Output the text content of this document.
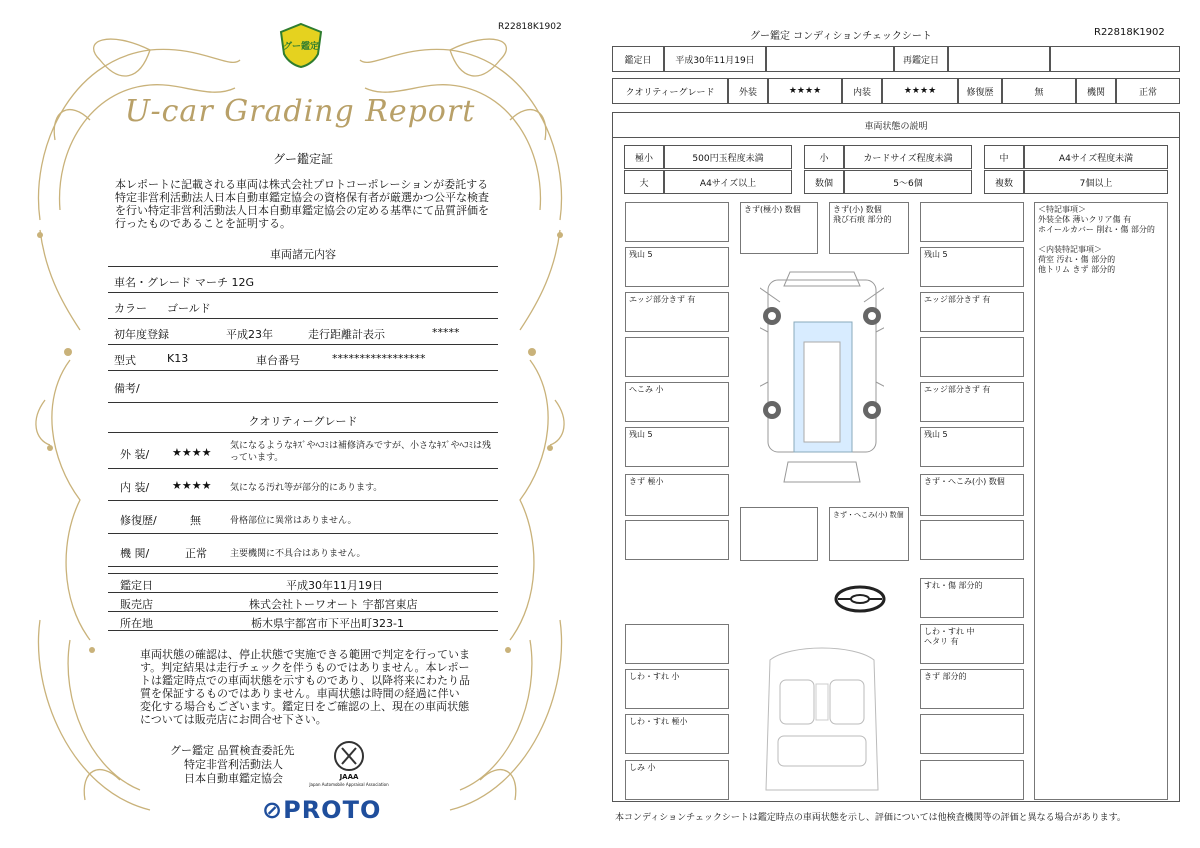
R22818K1902
グー鑑定
U-car Grading Report
グー鑑定証
本レポートに記載される車両は株式会社プロトコーポレーションが委託する特定非営利活動法人日本自動車鑑定協会の資格保有者が厳選かつ公平な検査を行い特定非営利活動法人日本自動車鑑定協会の定める基準にて品質評価を行ったものであることを証明する。
車両諸元内容
車名・グレード マーチ 12G
カラー ゴールド
初年度登録	平成23年	走行距離計表示	*****
型式	K13	車台番号	*****************
備考/
クオリティーグレード
外 装/ ★★★★ 気になるようなｷｽﾞやﾍｺﾐは補修済みですが、小さなｷｽﾞやﾍｺﾐは残っています。
内 装/ ★★★★ 気になる汚れ等が部分的にあります。
修復歴/	無	骨格部位に異常はありません。
機 関/	正常	主要機関に不具合はありません。
鑑定日	平成30年11月19日
販売店	株式会社トーワオート 宇都宮東店
所在地	栃木県宇都宮市下平出町323-1
車両状態の確認は、停止状態で実施できる範囲で判定を行っています。判定結果は走行チェックを伴うものではありません。本レポートは鑑定時点での車両状態を示すものであり、以降将来にわたり品質を保証するものではありません。車両状態は時間の経過に伴い変化する場合もございます。鑑定日をご確認の上、現在の車両状態については販売店にお問合せ下さい。
グー鑑定 品質検査委託先
特定非営利活動法人
日本自動車鑑定協会	JAAA
Japan Automobile Appraisal Association
⊘PROTO
グー鑑定 コンディションチェックシート	R22818K1902
鑑定日	平成30年11月19日	再鑑定日
クオリティーグレード	外装	★★★★	内装	★★★★	修復歴	無	機関	正常
車両状態の説明
極小	500円玉程度未満	小	カードサイズ程度未満	中	A4サイズ程度未満
大	A4サイズ以上	数個	5～6個	複数	7個以上
残山 5
エッジ部分きず 有
へこみ 小
残山 5
きず 極小
しわ・すれ 小
しわ・すれ 極小
しみ 小
きず(極小) 数個	きず(小) 数個
飛び石痕 部分的
きず・へこみ(小) 数個
残山 5
エッジ部分きず 有
エッジ部分きず 有
残山 5
きず・へこみ(小) 数個
すれ・傷 部分的
しわ・すれ 中
ヘタリ 有
きず 部分的
＜特記事項＞
外装全体 薄いクリア傷 有
ホイールカバー 削れ・傷 部分的

＜内装特記事項＞
荷室 汚れ・傷 部分的
他トリム きず 部分的
本コンディションチェックシートは鑑定時点の車両状態を示し、評価については他検査機関等の評価と異なる場合があります。
